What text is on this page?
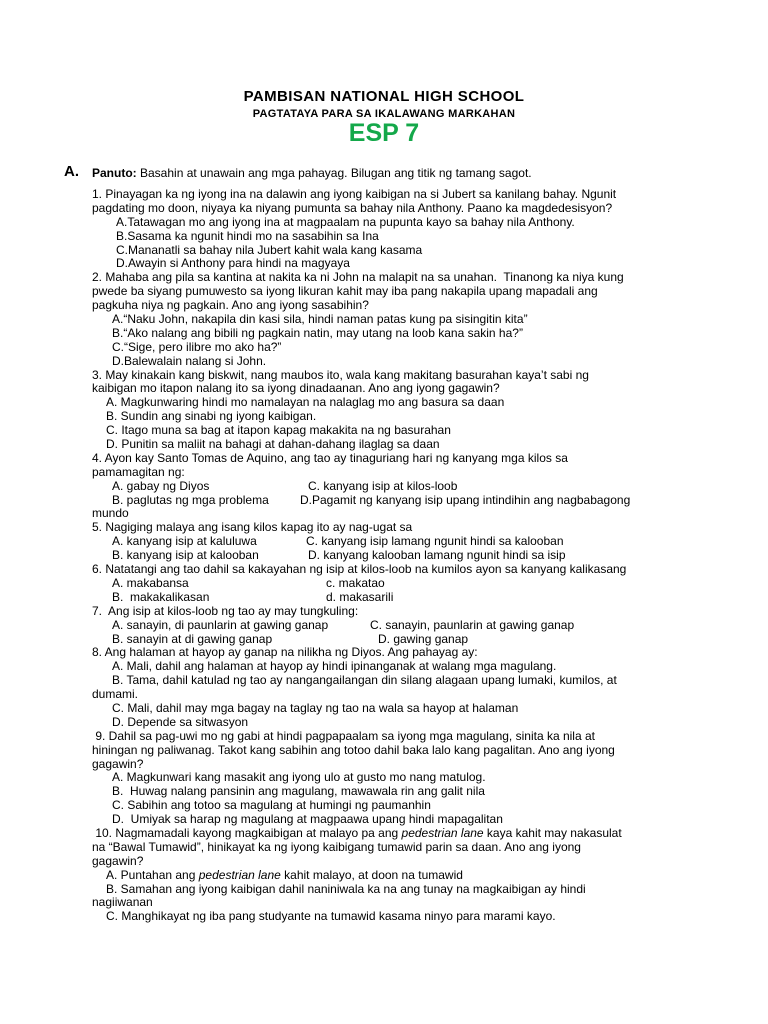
PAMBISAN NATIONAL HIGH SCHOOL
PAGTATAYA PARA SA IKALAWANG MARKAHAN
ESP 7
A. Panuto: Basahin at unawain ang mga pahayag. Bilugan ang titik ng tamang sagot.
1. Pinayagan ka ng iyong ina na dalawin ang iyong kaibigan na si Jubert sa kanilang bahay. Ngunit
pagdating mo doon, niyaya ka niyang pumunta sa bahay nila Anthony. Paano ka magdedesisyon?
A.Tatawagan mo ang iyong ina at magpaalam na pupunta kayo sa bahay nila Anthony.
B.Sasama ka ngunit hindi mo na sasabihin sa Ina
C.Mananatli sa bahay nila Jubert kahit wala kang kasama
D.Awayin si Anthony para hindi na magyaya
2. Mahaba ang pila sa kantina at nakita ka ni John na malapit na sa unahan.  Tinanong ka niya kung
pwede ba siyang pumuwesto sa iyong likuran kahit may iba pang nakapila upang mapadali ang
pagkuha niya ng pagkain. Ano ang iyong sasabihin?
A.“Naku John, nakapila din kasi sila, hindi naman patas kung pa sisingitin kita”
B.“Ako nalang ang bibili ng pagkain natin, may utang na loob kana sakin ha?”
C.“Sige, pero ilibre mo ako ha?”
D.Balewalain nalang si John.
3. May kinakain kang biskwit, nang maubos ito, wala kang makitang basurahan kaya’t sabi ng
kaibigan mo itapon nalang ito sa iyong dinadaanan. Ano ang iyong gagawin?
A. Magkunwaring hindi mo namalayan na nalaglag mo ang basura sa daan
B. Sundin ang sinabi ng iyong kaibigan.
C. Itago muna sa bag at itapon kapag makakita na ng basurahan
D. Punitin sa maliit na bahagi at dahan-dahang ilaglag sa daan
4. Ayon kay Santo Tomas de Aquino, ang tao ay tinaguriang hari ng kanyang mga kilos sa
pamamagitan ng:
A. gabay ng Diyos	C. kanyang isip at kilos-loob
B. paglutas ng mga problema	D.Pagamit ng kanyang isip upang intindihin ang nagbabagong
mundo
5. Nagiging malaya ang isang kilos kapag ito ay nag-ugat sa
A. kanyang isip at kaluluwa	C. kanyang isip lamang ngunit hindi sa kalooban
B. kanyang isip at kalooban	D. kanyang kalooban lamang ngunit hindi sa isip
6. Natatangi ang tao dahil sa kakayahan ng isip at kilos-loob na kumilos ayon sa kanyang kalikasang
A. makabansa	c. makatao
B.  makakalikasan	d. makasarili
7.  Ang isip at kilos-loob ng tao ay may tungkuling:
A. sanayin, di paunlarin at gawing ganap	C. sanayin, paunlarin at gawing ganap
B. sanayin at di gawing ganap	D. gawing ganap
8. Ang halaman at hayop ay ganap na nilikha ng Diyos. Ang pahayag ay:
A. Mali, dahil ang halaman at hayop ay hindi ipinanganak at walang mga magulang.
B. Tama, dahil katulad ng tao ay nangangailangan din silang alagaan upang lumaki, kumilos, at
dumami.
C. Mali, dahil may mga bagay na taglay ng tao na wala sa hayop at halaman
D. Depende sa sitwasyon
9. Dahil sa pag-uwi mo ng gabi at hindi pagpapaalam sa iyong mga magulang, sinita ka nila at
hiningan ng paliwanag. Takot kang sabihin ang totoo dahil baka lalo kang pagalitan. Ano ang iyong
gagawin?
A. Magkunwari kang masakit ang iyong ulo at gusto mo nang matulog.
B.  Huwag nalang pansinin ang magulang, mawawala rin ang galit nila
C. Sabihin ang totoo sa magulang at humingi ng paumanhin
D.  Umiyak sa harap ng magulang at magpaawa upang hindi mapagalitan
10. Nagmamadali kayong magkaibigan at malayo pa ang pedestrian lane kaya kahit may nakasulat
na “Bawal Tumawid”, hinikayat ka ng iyong kaibigang tumawid parin sa daan. Ano ang iyong
gagawin?
A. Puntahan ang pedestrian lane kahit malayo, at doon na tumawid
B. Samahan ang iyong kaibigan dahil naniniwala ka na ang tunay na magkaibigan ay hindi
nagiiwanan
C. Manghikayat ng iba pang studyante na tumawid kasama ninyo para marami kayo.
